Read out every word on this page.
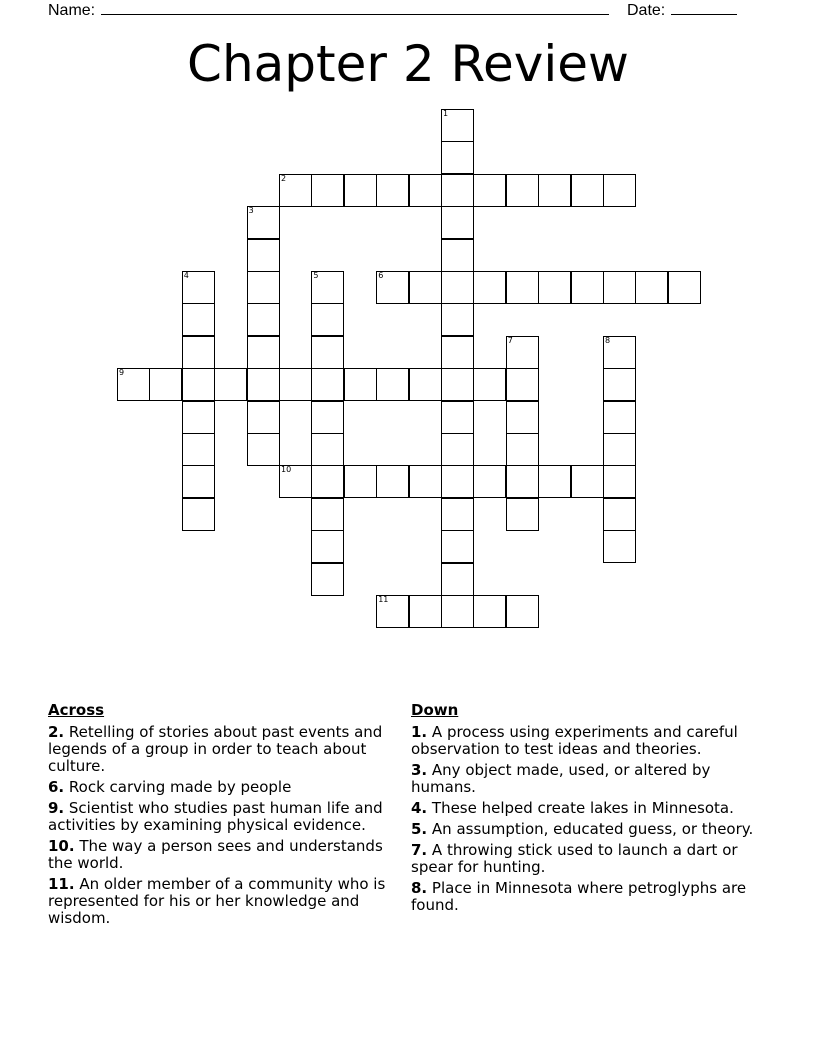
Name:	Date:
Chapter 2 Review
1
2
3
4	5	6
7	8
9
10
11
Across
2. Retelling of stories about past events and legends of a group in order to teach about culture.
6. Rock carving made by people
9. Scientist who studies past human life and activities by examining physical evidence.
10. The way a person sees and understands the world.
11. An older member of a community who is represented for his or her knowledge and wisdom.
Down
1. A process using experiments and careful observation to test ideas and theories.
3. Any object made, used, or altered by humans.
4. These helped create lakes in Minnesota.
5. An assumption, educated guess, or theory.
7. A throwing stick used to launch a dart or spear for hunting.
8. Place in Minnesota where petroglyphs are found.
